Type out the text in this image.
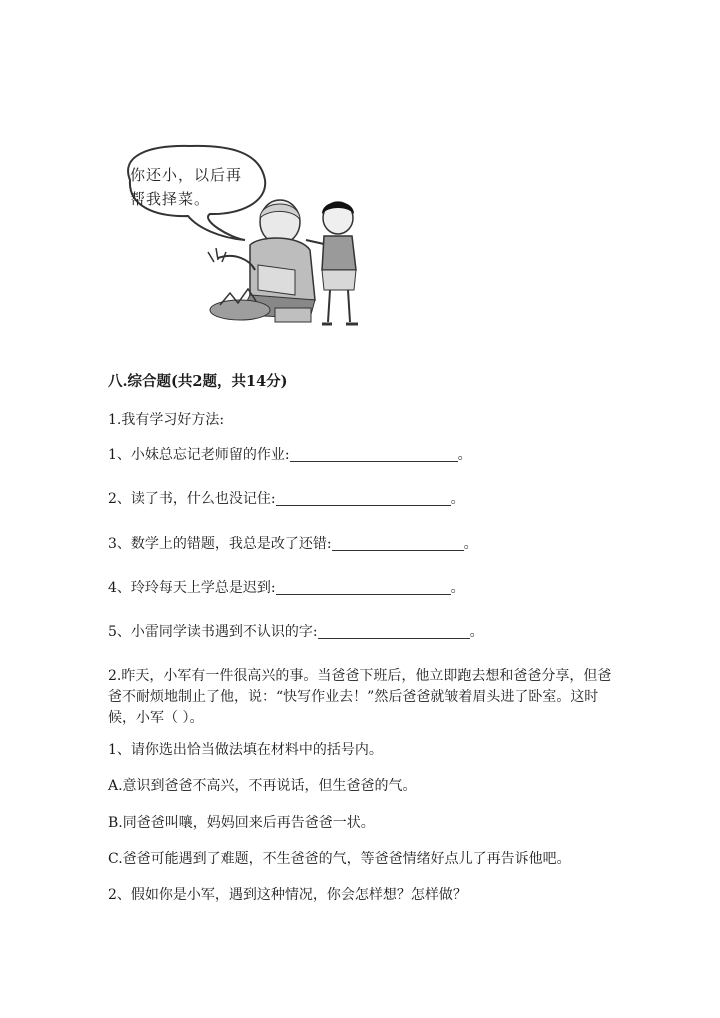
你还小，以后再
帮我择菜。
八.综合题(共2题，共14分)
1.我有学习好方法:
1、小妹总忘记老师留的作业:	。
2、读了书，什么也没记住:	。
3、数学上的错题，我总是改了还错:	。
4、玲玲每天上学总是迟到:	。
5、小雷同学读书遇到不认识的字:	。
2.昨天，小军有一件很高兴的事。当爸爸下班后，他立即跑去想和爸爸分享，但爸爸不耐烦地制止了他，说：“快写作业去！”然后爸爸就皱着眉头进了卧室。这时候，小军（ ）。
1、请你选出恰当做法填在材料中的括号内。
A.意识到爸爸不高兴，不再说话，但生爸爸的气。
B.同爸爸叫嚷，妈妈回来后再告爸爸一状。
C.爸爸可能遇到了难题，不生爸爸的气，等爸爸情绪好点儿了再告诉他吧。
2、假如你是小军，遇到这种情况，你会怎样想？怎样做？
